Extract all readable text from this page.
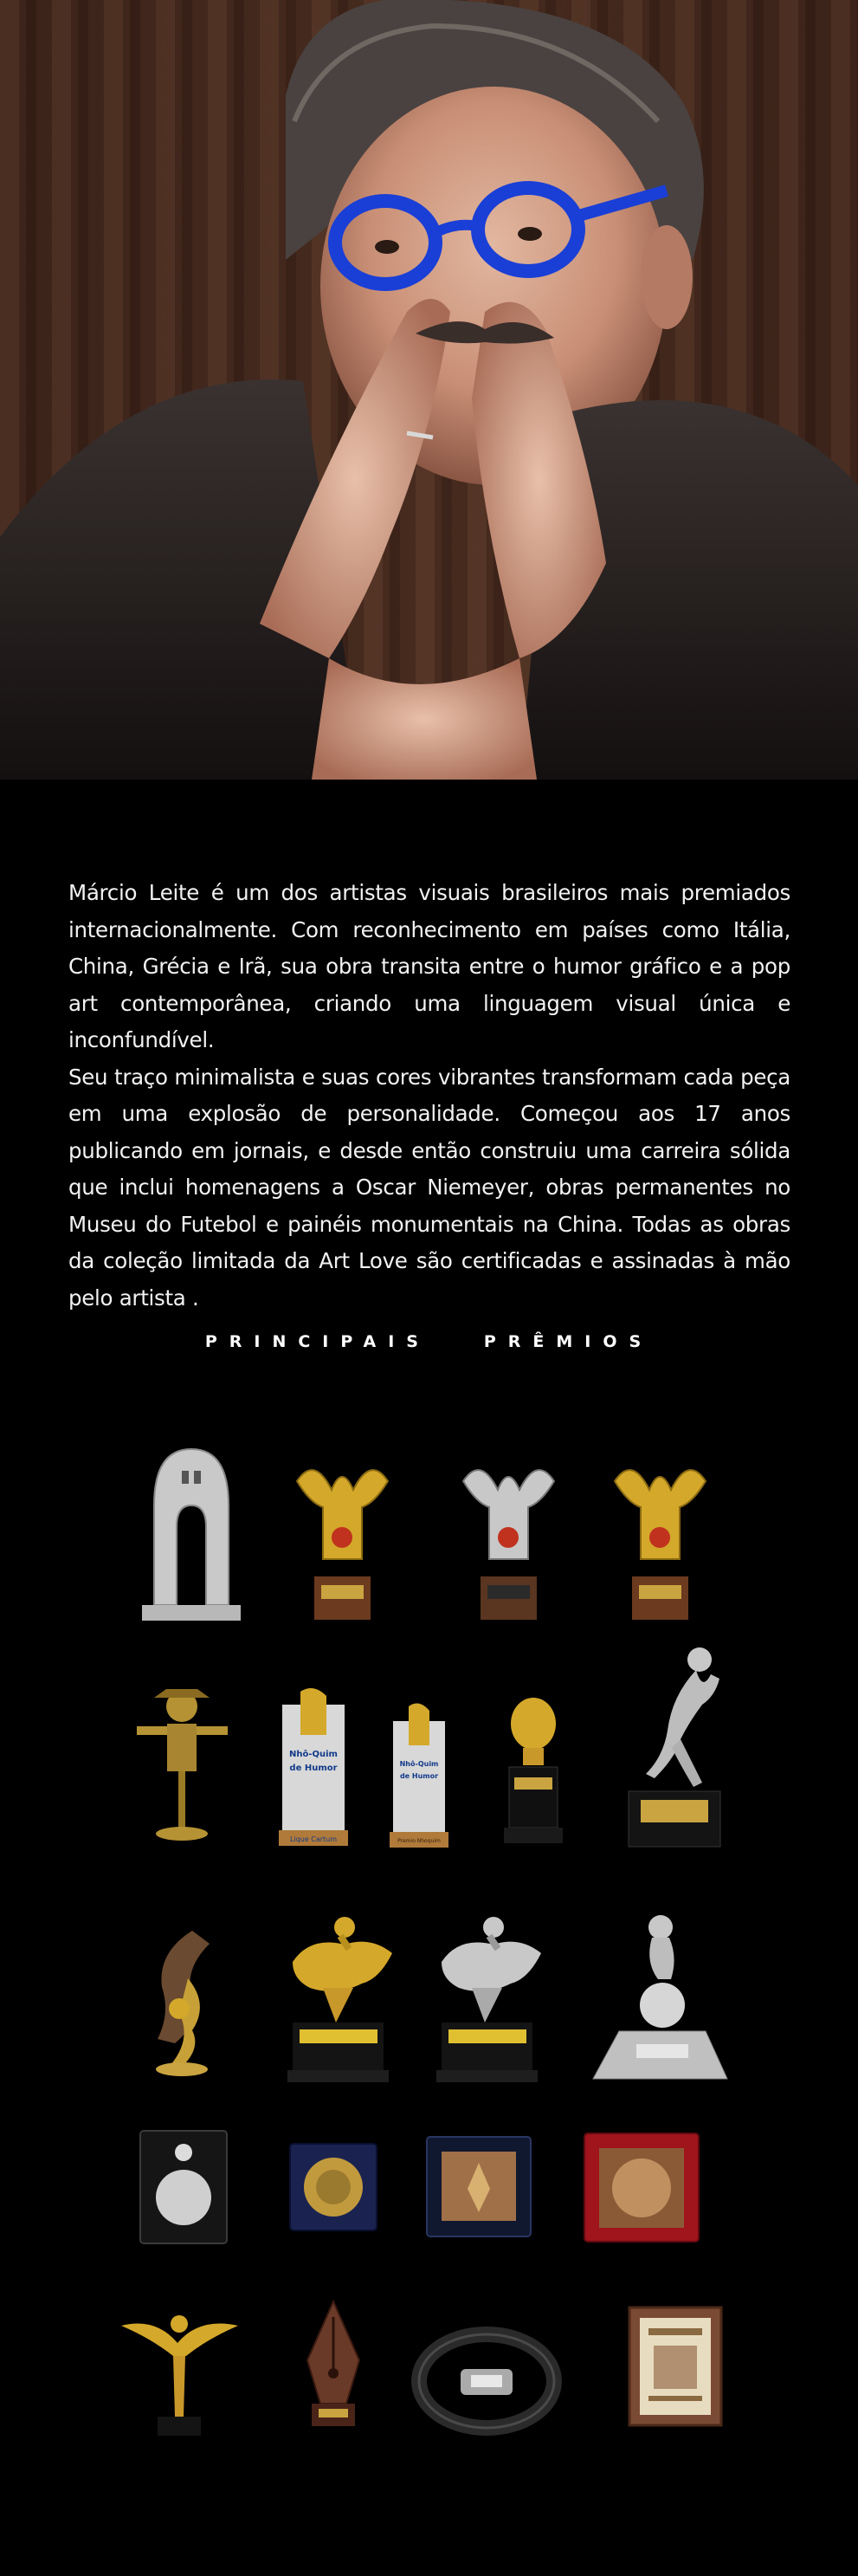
Márcio Leite é um dos artistas visuais brasileiros mais premiados internacionalmente. Com reconhecimento em países como Itália, China, Grécia e Irã, sua obra transita entre o humor gráfico e a pop art contemporânea, criando uma linguagem visual única e inconfundível.

Seu traço minimalista e suas cores vibrantes transformam cada peça em uma explosão de personalidade. Começou aos 17 anos publicando em jornais, e desde então construiu uma carreira sólida que inclui homenagens a Oscar Niemeyer, obras permanentes no Museu do Futebol e painéis monumentais na China. Todas as obras da coleção limitada da Art Love são certificadas e assinadas à mão pelo artista .

PRINCIPAIS   PRÊMIOS
Nhô-Quim
de Humor
Lique Cartum
Nhô-Quim
de Humor
Premio Nhoquim
